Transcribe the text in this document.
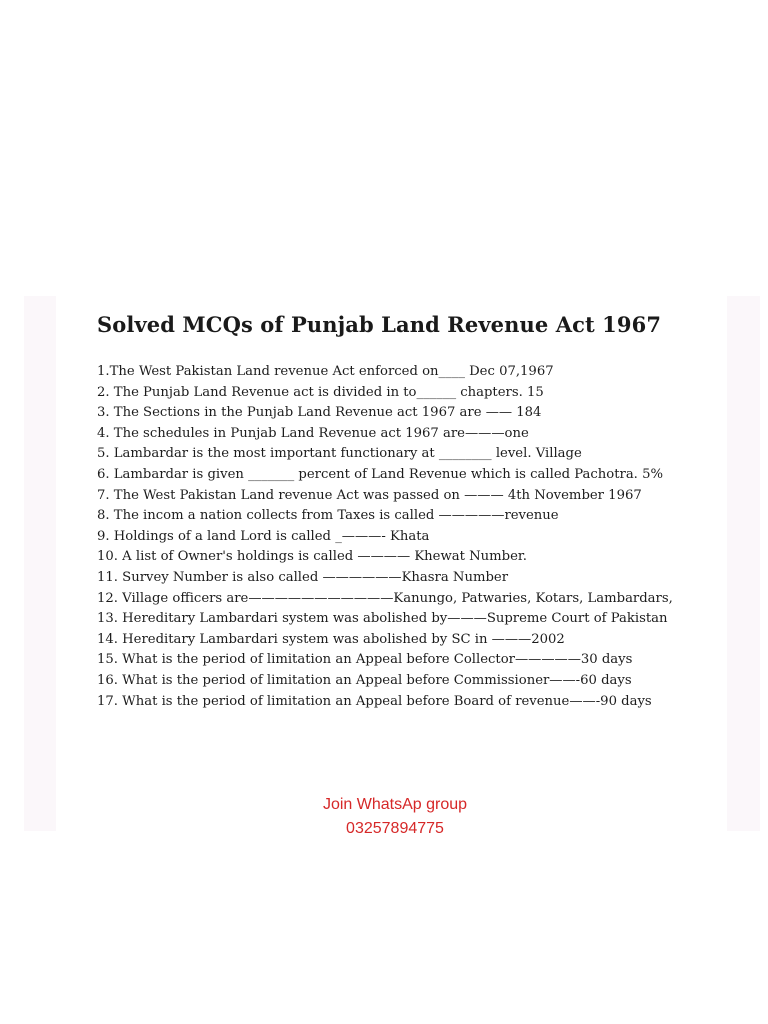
Solved MCQs of Punjab Land Revenue Act 1967
1.The West Pakistan Land revenue Act enforced on____ Dec 07,1967
2. The Punjab Land Revenue act is divided in to______ chapters. 15
3. The Sections in the Punjab Land Revenue act 1967 are —— 184
4. The schedules in Punjab Land Revenue act 1967 are———one
5. Lambardar is the most important functionary at ________ level. Village
6. Lambardar is given _______ percent of Land Revenue which is called Pachotra. 5%
7. The West Pakistan Land revenue Act was passed on ——— 4th November 1967
8. The incom a nation collects from Taxes is called —————revenue
9. Holdings of a land Lord is called _———- Khata
10. A list of Owner's holdings is called ———— Khewat Number.
11. Survey Number is also called ——————Khasra Number
12. Village officers are———————————Kanungo, Patwaries, Kotars, Lambardars,
13. Hereditary Lambardari system was abolished by———Supreme Court of Pakistan
14. Hereditary Lambardari system was abolished by SC in ———2002
15. What is the period of limitation an Appeal before Collector—————30 days
16. What is the period of limitation an Appeal before Commissioner——-60 days
17. What is the period of limitation an Appeal before Board of revenue——-90 days
Join WhatsAp group
03257894775
